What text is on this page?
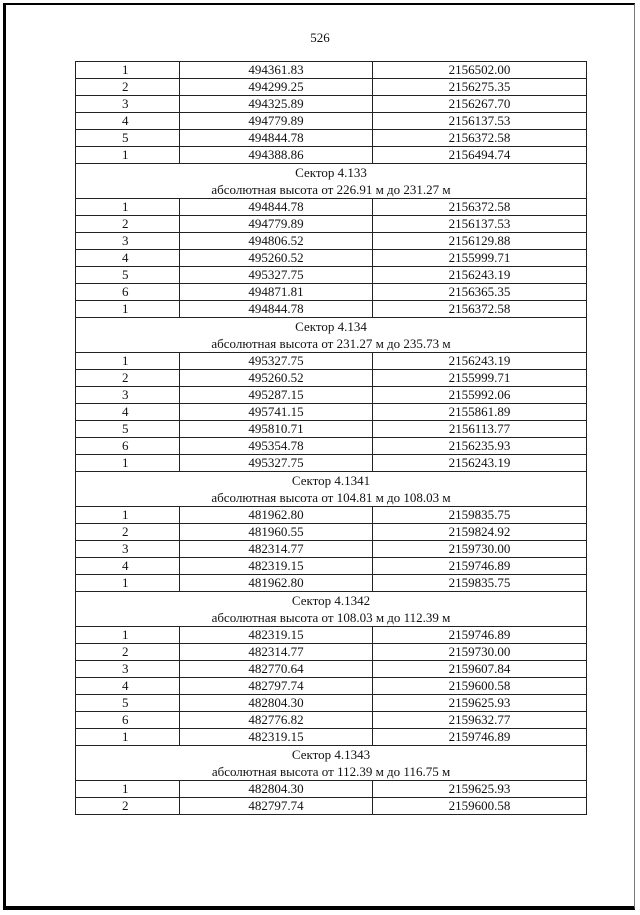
526
1	494361.83	2156502.00
2	494299.25	2156275.35
3	494325.89	2156267.70
4	494779.89	2156137.53
5	494844.78	2156372.58
1	494388.86	2156494.74
Сектор 4.133		
абсолютная высота от 226.91 м до 231.27 м		
1	494844.78	2156372.58
2	494779.89	2156137.53
3	494806.52	2156129.88
4	495260.52	2155999.71
5	495327.75	2156243.19
6	494871.81	2156365.35
1	494844.78	2156372.58
Сектор 4.134		
абсолютная высота от 231.27 м до 235.73 м		
1	495327.75	2156243.19
2	495260.52	2155999.71
3	495287.15	2155992.06
4	495741.15	2155861.89
5	495810.71	2156113.77
6	495354.78	2156235.93
1	495327.75	2156243.19
Сектор 4.1341		
абсолютная высота от 104.81 м до 108.03 м		
1	481962.80	2159835.75
2	481960.55	2159824.92
3	482314.77	2159730.00
4	482319.15	2159746.89
1	481962.80	2159835.75
Сектор 4.1342		
абсолютная высота от 108.03 м до 112.39 м		
1	482319.15	2159746.89
2	482314.77	2159730.00
3	482770.64	2159607.84
4	482797.74	2159600.58
5	482804.30	2159625.93
6	482776.82	2159632.77
1	482319.15	2159746.89
Сектор 4.1343		
абсолютная высота от 112.39 м до 116.75 м		
1	482804.30	2159625.93
2	482797.74	2159600.58
